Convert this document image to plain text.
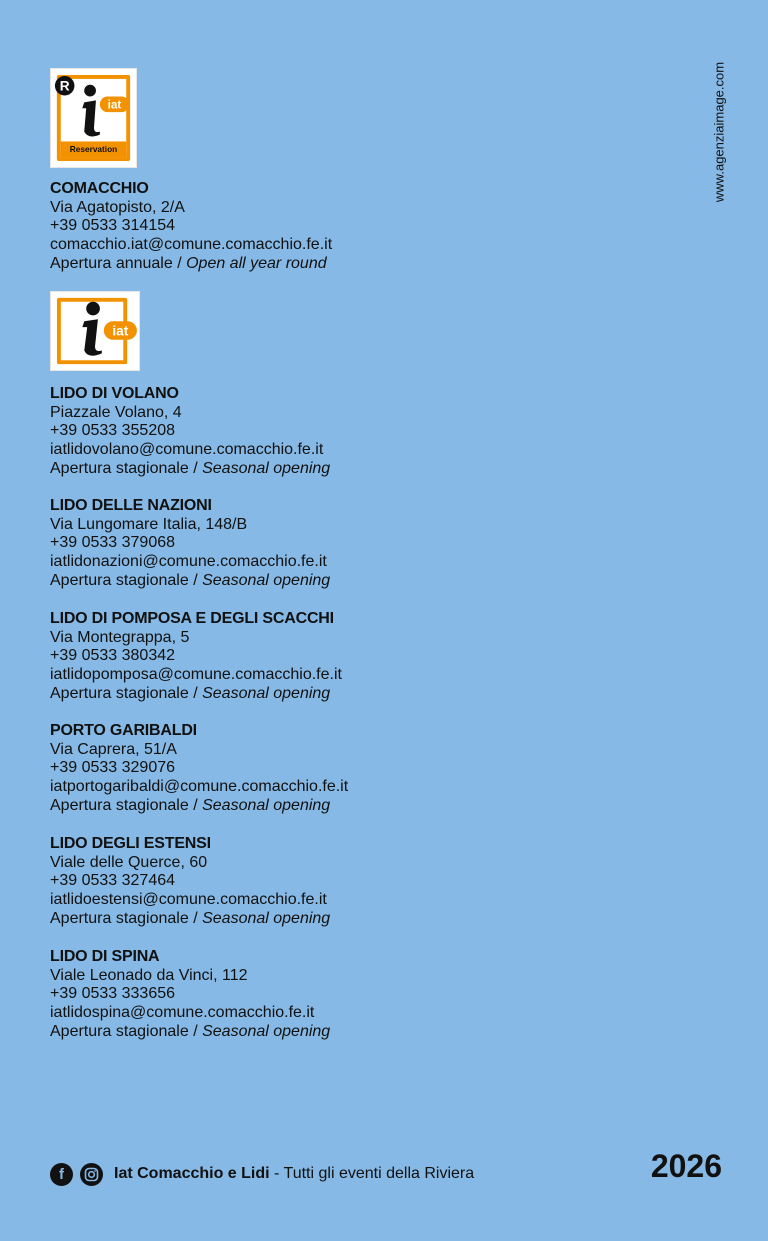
R
iat
Reservation
iat
www.agenziaimage.com
COMACCHIO
Via Agatopisto, 2/A
+39 0533 314154
comacchio.iat@comune.comacchio.fe.it
Apertura annuale / Open all year round
LIDO DI VOLANO
Piazzale Volano, 4
+39 0533 355208
iatlidovolano@comune.comacchio.fe.it
Apertura stagionale / Seasonal opening
LIDO DELLE NAZIONI
Via Lungomare Italia, 148/B
+39 0533 379068
iatlidonazioni@comune.comacchio.fe.it
Apertura stagionale / Seasonal opening
LIDO DI POMPOSA E DEGLI SCACCHI
Via Montegrappa, 5
+39 0533 380342
iatlidopomposa@comune.comacchio.fe.it
Apertura stagionale / Seasonal opening
PORTO GARIBALDI
Via Caprera, 51/A
+39 0533 329076
iatportogaribaldi@comune.comacchio.fe.it
Apertura stagionale / Seasonal opening
LIDO DEGLI ESTENSI
Viale delle Querce, 60
+39 0533 327464
iatlidoestensi@comune.comacchio.fe.it
Apertura stagionale / Seasonal opening
LIDO DI SPINA
Viale Leonado da Vinci, 112
+39 0533 333656
iatlidospina@comune.comacchio.fe.it
Apertura stagionale / Seasonal opening
f	Iat Comacchio e Lidi - Tutti gli eventi della Riviera	2026
